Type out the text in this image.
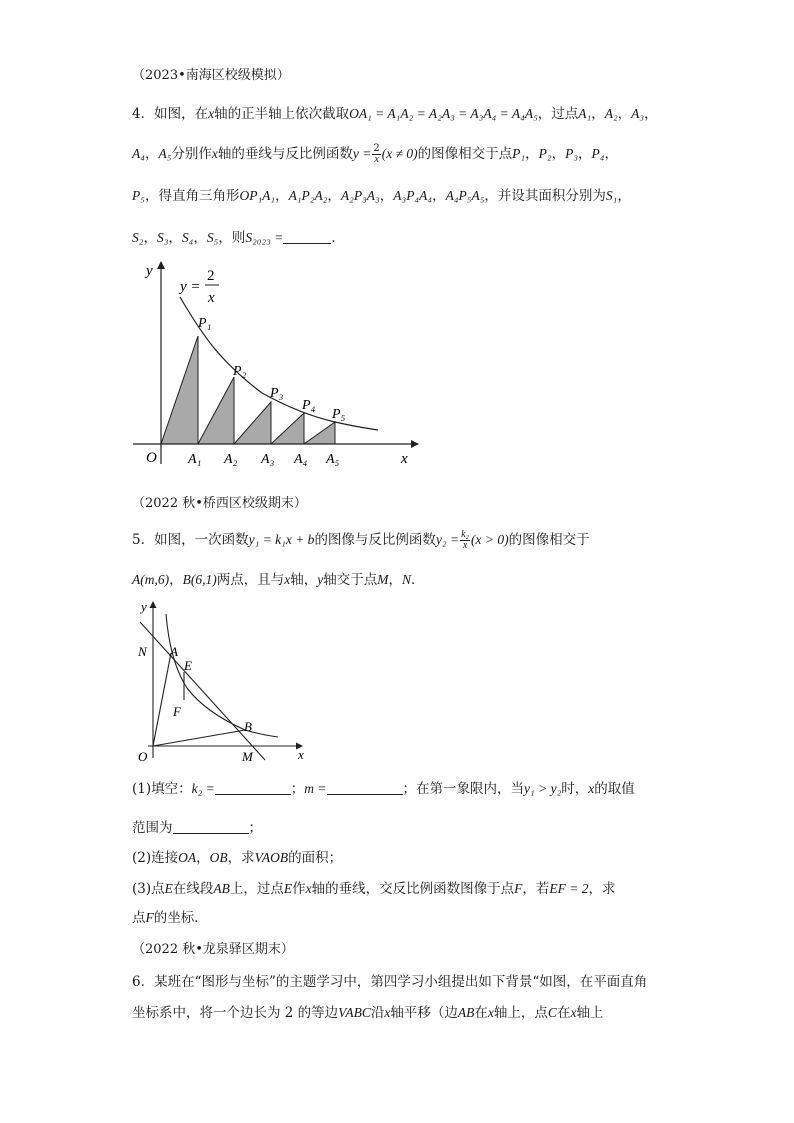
（2023•南海区校级模拟）
4．如图，在x轴的正半轴上依次截取OA₁ = A₁A₂ = A₂A₃ = A₃A₄ = A₄A₅，过点A₁，A₂，A₃，
A₄，A₅分别作x轴的垂线与反比例函数$y = \frac{2}{x} (x \ne 0)$的图像相交于点P₁，P₂，P₃，P₄，
P₅，得直角三角形OP₁A₁，A₁P₂A₂，A₂P₃A₃，A₃P₄A₄，A₄P₅A₅，并设其面积分别为S₁，
S₂，S₃，S₄，S₅，则S₂₀₂₃ =	．
y
x
O
y =
2
x
P₁
P₂
P₃
P₄
P₅
A₁ A₂ A₃ A₄ A₅
（2022 秋•桥西区校级期末）
5．如图，一次函数y₁ = k₁x + b的图像与反比例函数$y_2 = \frac{\text{k₂}}{x} (x > 0)$的图像相交于
A(m,6)，B(6,1)两点，且与x轴，y轴交于点M，N．
y
x
O
N A
E
F
B
M
(1)填空：k₂ =	；m =	；在第一象限内，当y₁ > y₂时，x的取值
范围为	；
(2)连接OA，OB，求VAOB的面积；
(3)点E在线段AB上，过点E作x轴的垂线，交反比例函数图像于点F，若EF = 2，求
点F的坐标．
（2022 秋•龙泉驿区期末）
6．某班在“图形与坐标”的主题学习中，第四学习小组提出如下背景“如图，在平面直角
坐标系中，将一个边长为 2 的等边VABC沿x轴平移（边AB在x轴上，点C在x轴上
